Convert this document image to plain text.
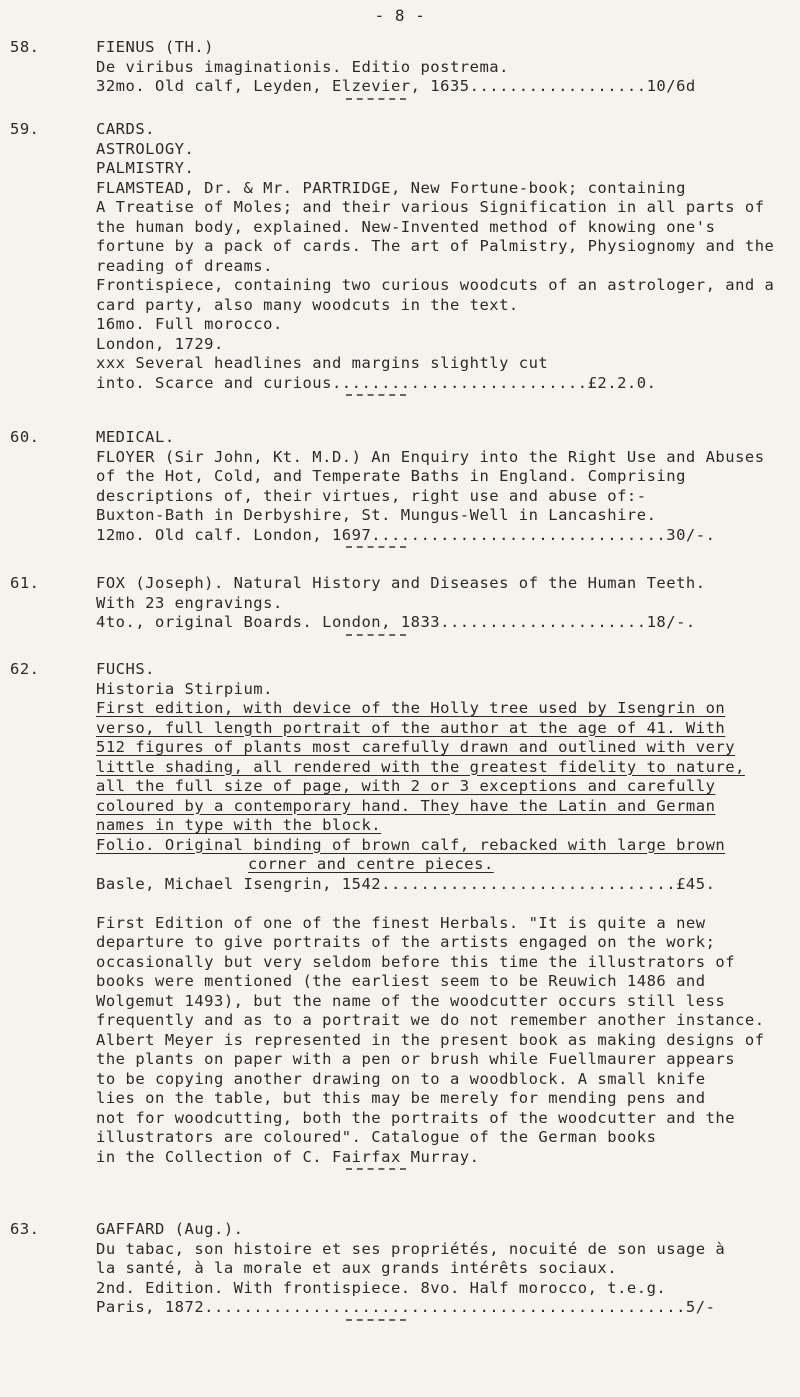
- 8 -
58.	FIENUS (TH.)

De viribus imaginationis. Editio postrema.

32mo. Old calf, Leyden, Elzevier, 1635..................10/6d

59.	CARDS.

ASTROLOGY.

PALMISTRY.

FLAMSTEAD, Dr. & Mr. PARTRIDGE, New Fortune-book; containing

A Treatise of Moles; and their various Signification in all parts of

the human body, explained. New-Invented method of knowing one's

fortune by a pack of cards. The art of Palmistry, Physiognomy and the

reading of dreams.

Frontispiece, containing two curious woodcuts of an astrologer, and a

card party, also many woodcuts in the text.

16mo. Full morocco.

London, 1729.

xxx Several headlines and margins slightly cut

into. Scarce and curious..........................£2.2.0.

60.	MEDICAL.

FLOYER (Sir John, Kt. M.D.) An Enquiry into the Right Use and Abuses

of the Hot, Cold, and Temperate Baths in England. Comprising

descriptions of, their virtues, right use and abuse of:-

Buxton-Bath in Derbyshire, St. Mungus-Well in Lancashire.

12mo. Old calf. London, 1697..............................30/-.

61.	FOX (Joseph). Natural History and Diseases of the Human Teeth.

With 23 engravings.

4to., original Boards. London, 1833.....................18/-.

62.	FUCHS.

Historia Stirpium.

First edition, with device of the Holly tree used by Isengrin on

verso, full length portrait of the author at the age of 41. With

512 figures of plants most carefully drawn and outlined with very

little shading, all rendered with the greatest fidelity to nature,

all the full size of page, with 2 or 3 exceptions and carefully

coloured by a contemporary hand. They have the Latin and German

names in type with the block.

Folio. Original binding of brown calf, rebacked with large brown

corner and centre pieces.

Basle, Michael Isengrin, 1542..............................£45.

First Edition of one of the finest Herbals. "It is quite a new

departure to give portraits of the artists engaged on the work;

occasionally but very seldom before this time the illustrators of

books were mentioned (the earliest seem to be Reuwich 1486 and

Wolgemut 1493), but the name of the woodcutter occurs still less

frequently and as to a portrait we do not remember another instance.

Albert Meyer is represented in the present book as making designs of

the plants on paper with a pen or brush while Fuellmaurer appears

to be copying another drawing on to a woodblock. A small knife

lies on the table, but this may be merely for mending pens and

not for woodcutting, both the portraits of the woodcutter and the

illustrators are coloured". Catalogue of the German books

in the Collection of C. Fairfax Murray.

63.	GAFFARD (Aug.).

Du tabac, son histoire et ses propriétés, nocuité de son usage à

la santé, à la morale et aux grands intérêts sociaux.

2nd. Edition. With frontispiece. 8vo. Half morocco, t.e.g.

Paris, 1872.................................................5/-
